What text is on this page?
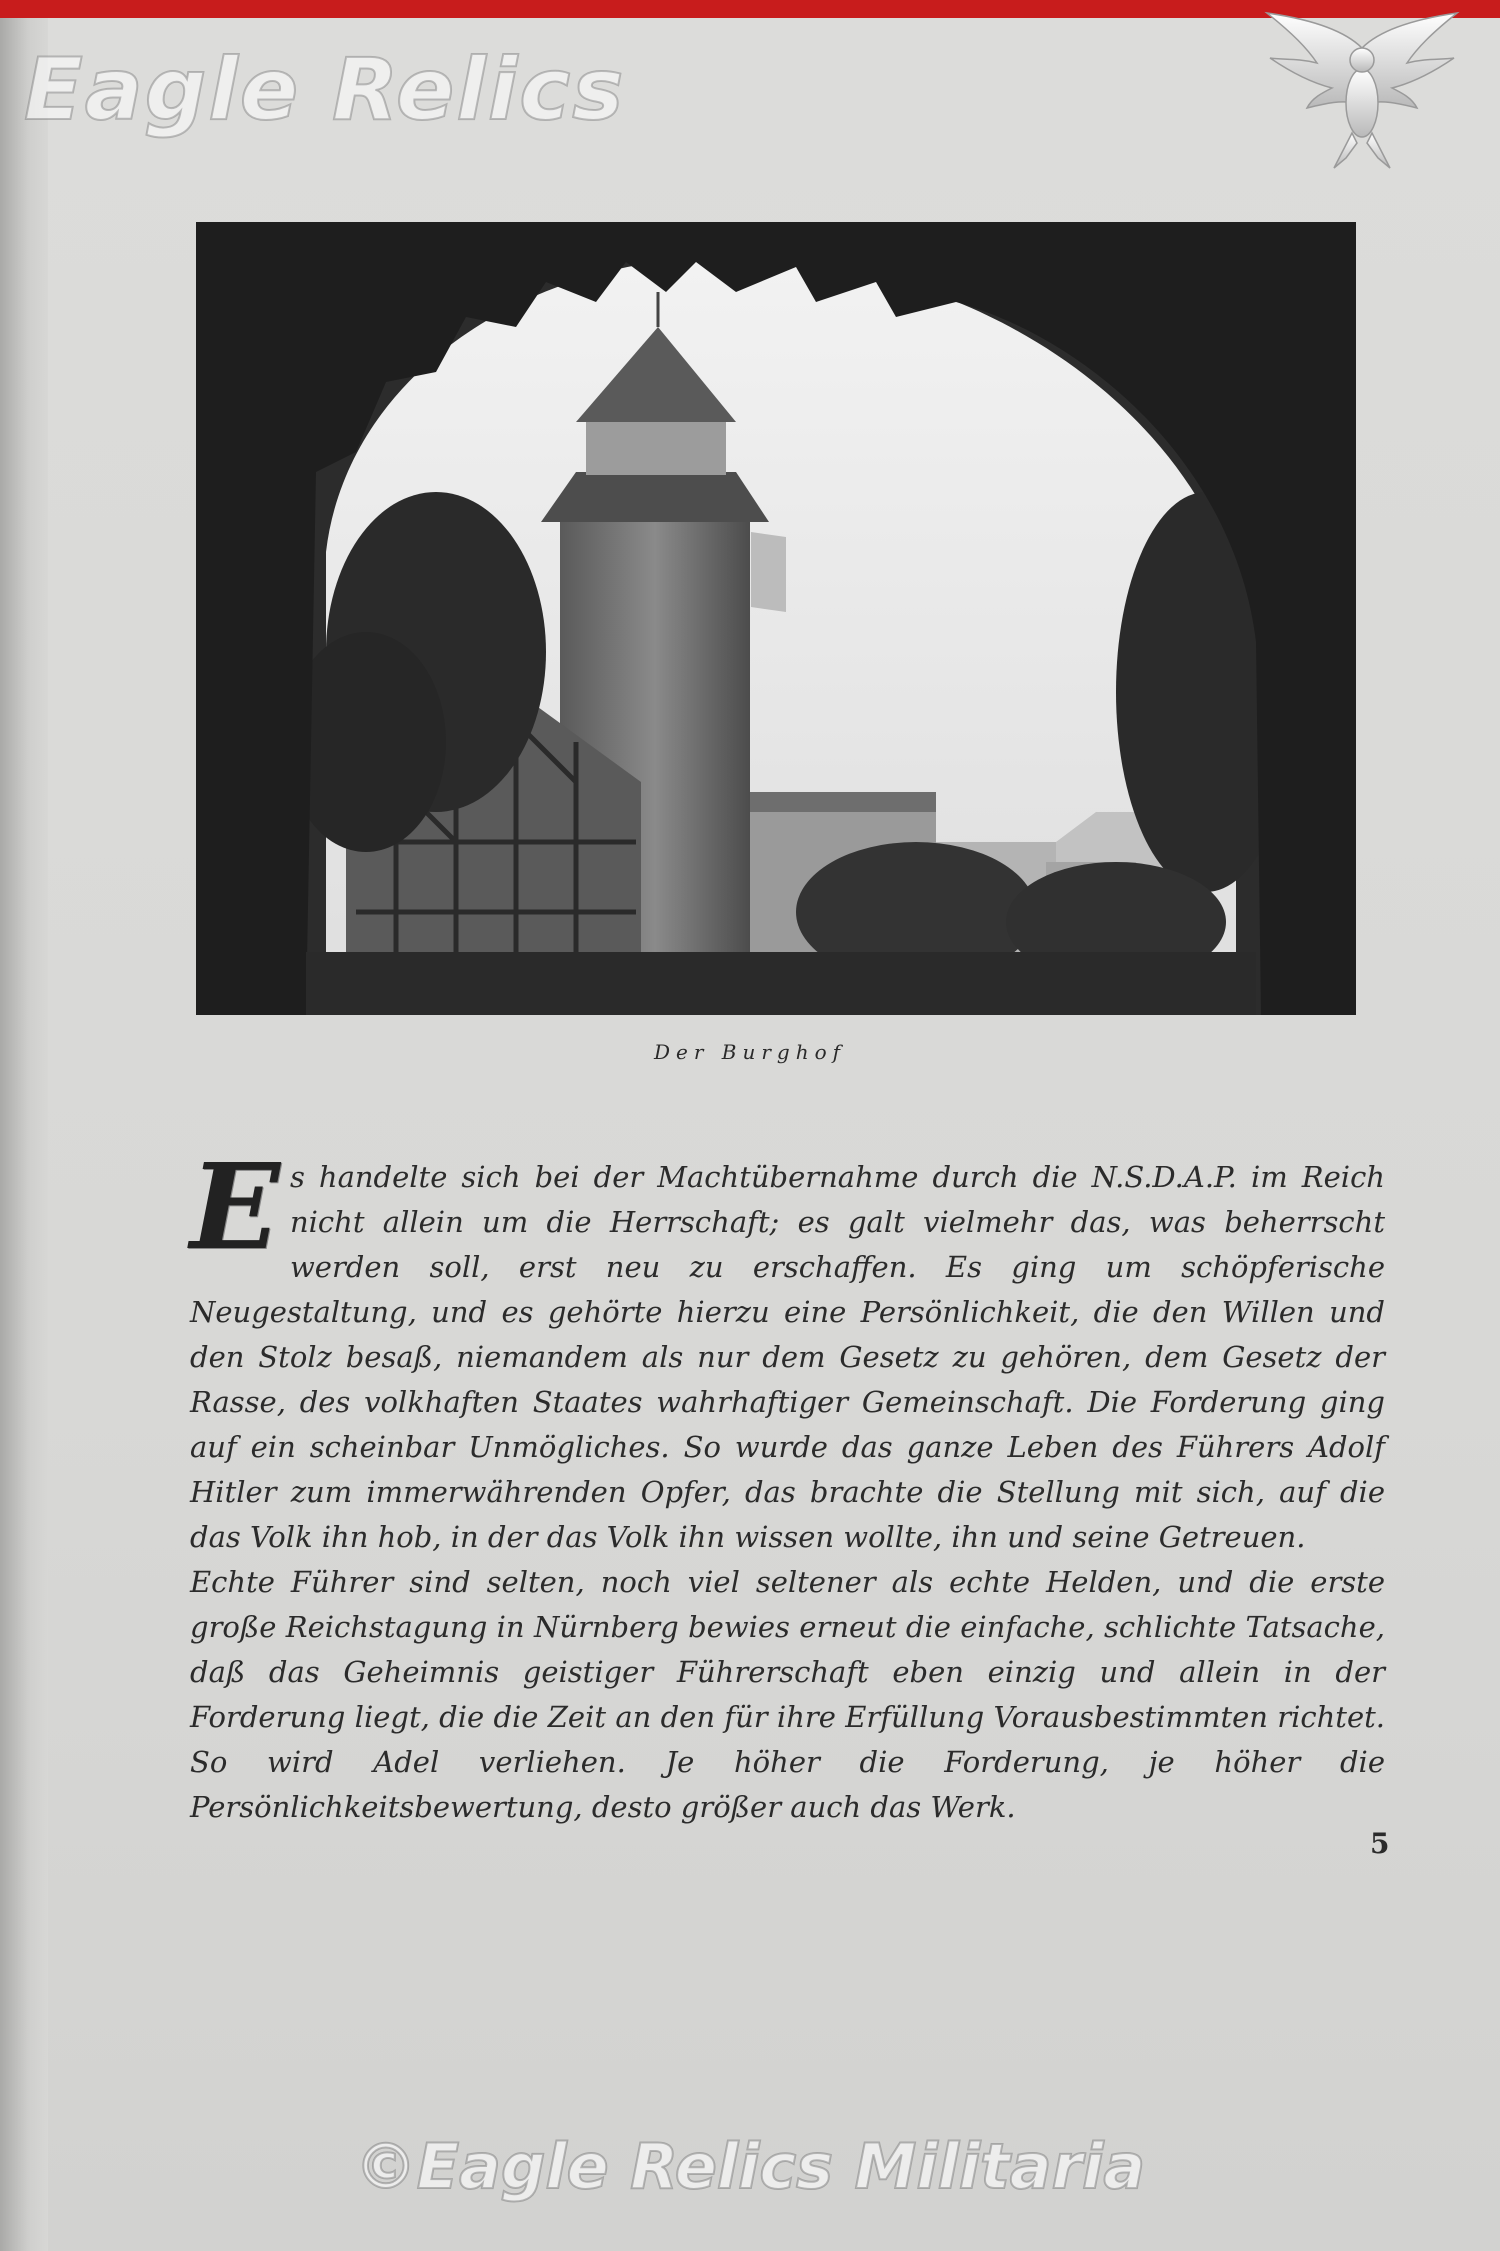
Eagle Relics
Der Burghof

Es handelte sich bei der Machtübernahme durch die N.S.D.A.P. im Reich nicht allein um die Herrschaft; es galt vielmehr das, was beherrscht werden soll, erst neu zu erschaffen. Es ging um schöpferische Neugestaltung, und es gehörte hierzu eine Persönlichkeit, die den Willen und den Stolz besaß, niemandem als nur dem Gesetz zu gehören, dem Gesetz der Rasse, des volkhaften Staates wahrhaftiger Gemeinschaft. Die Forderung ging auf ein scheinbar Unmögliches. So wurde das ganze Leben des Führers Adolf Hitler zum immerwährenden Opfer, das brachte die Stellung mit sich, auf die das Volk ihn hob, in der das Volk ihn wissen wollte, ihn und seine Getreuen.

Echte Führer sind selten, noch viel seltener als echte Helden, und die erste große Reichstagung in Nürnberg bewies erneut die einfache, schlichte Tatsache, daß das Geheimnis geistiger Führerschaft eben einzig und allein in der Forderung liegt, die die Zeit an den für ihre Erfüllung Vorausbestimmten richtet. So wird Adel verliehen. Je höher die Forderung, je höher die Persönlichkeitsbewertung, desto größer auch das Werk.

5
©Eagle Relics Militaria
